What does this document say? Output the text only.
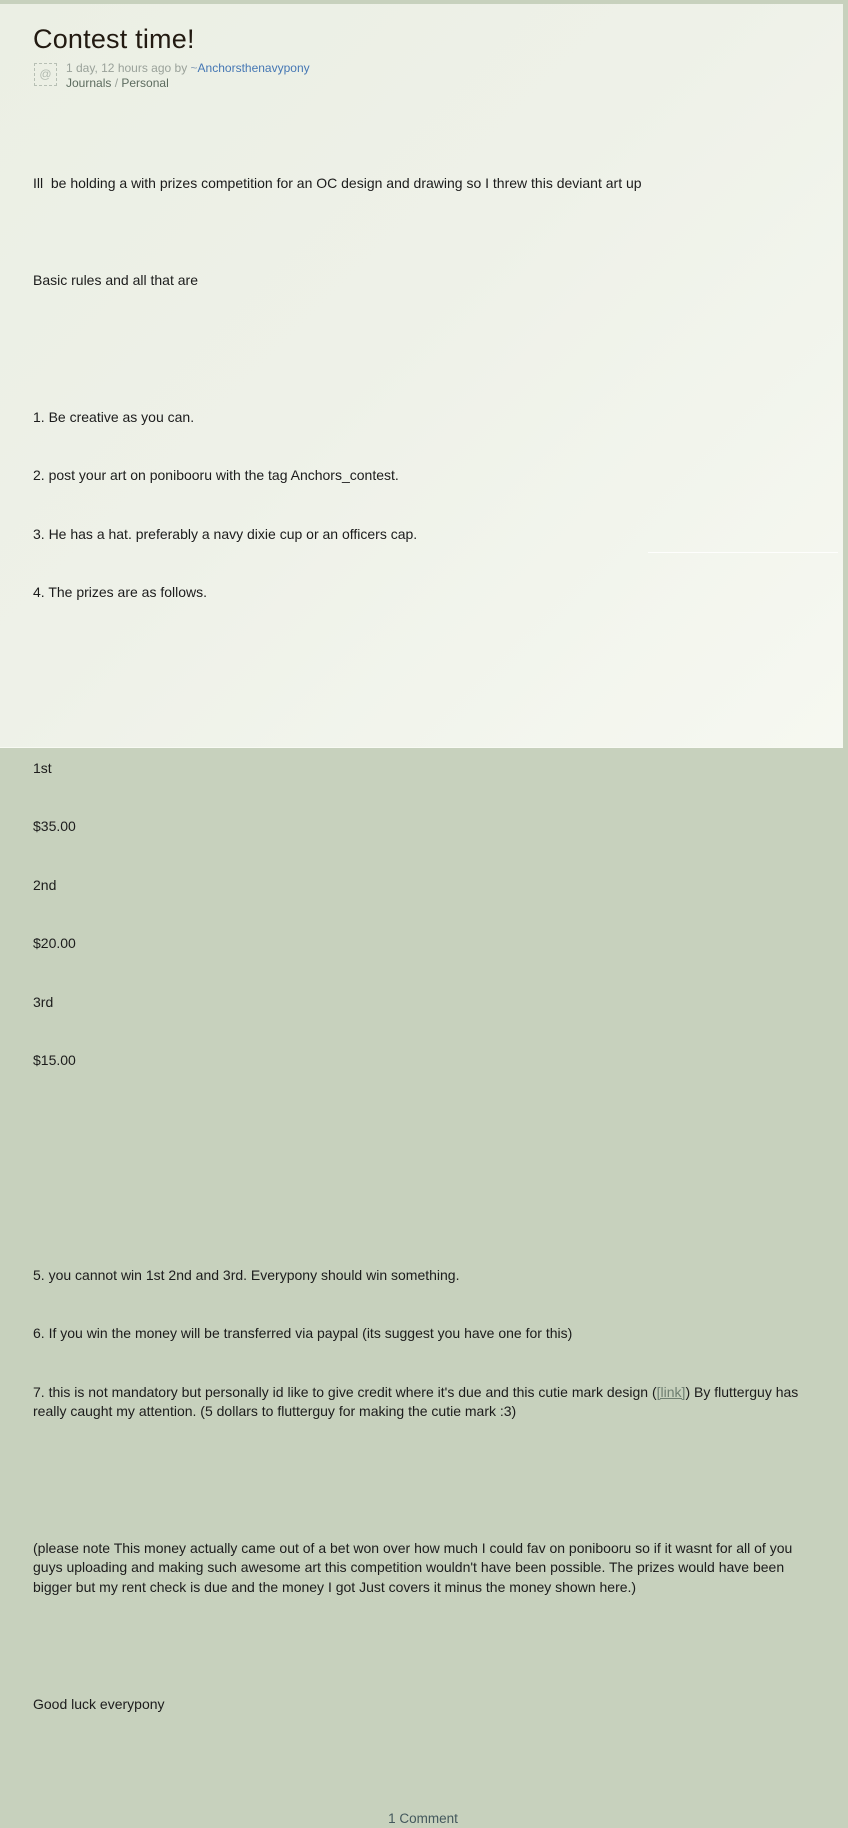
Contest time!
@	1 day, 12 hours ago by ~Anchorsthenavypony
Journals / Personal

Ill  be holding a with prizes competition for an OC design and drawing so I threw this deviant art up

Basic rules and all that are

1. Be creative as you can.

2. post your art on ponibooru with the tag Anchors_contest.

3. He has a hat. preferably a navy dixie cup or an officers cap.

4. The prizes are as follows.

1st

$35.00

2nd

$20.00

3rd

$15.00

5. you cannot win 1st 2nd and 3rd. Everypony should win something.

6. If you win the money will be transferred via paypal (its suggest you have one for this)

7. this is not mandatory but personally id like to give credit where it's due and this cutie mark design ([link]) By flutterguy has really caught my attention. (5 dollars to flutterguy for making the cutie mark :3)

(please note This money actually came out of a bet won over how much I could fav on ponibooru so if it wasnt for all of you guys uploading and making such awesome art this competition wouldn't have been possible. The prizes would have been bigger but my rent check is due and the money I got Just covers it minus the money shown here.)

Good luck everypony

1 Comment
